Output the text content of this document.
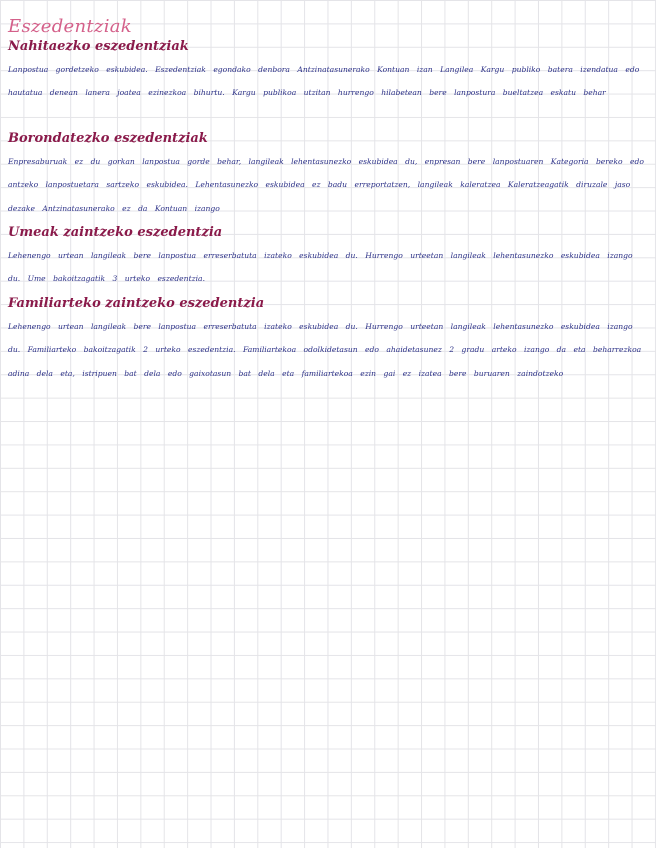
Eszedentziak
Nahitaezko eszedentziak

Lanpostua gordetzeko eskubidea. Eszedentziak egondako denbora Antzinatasunerako Kontuan izan Langilea Kargu publiko batera izendatua edo hautatua denean lanera joatea ezinezkoa bihurtu. Kargu publikoa utzitan hurrengo hilabetean bere lanpostura bueltatzea eskatu behar

Borondatezko eszedentziak

Enpresaburuak ez du gorkan lanpostua gorde behar, langileak lehentasunezko eskubidea du, enpresan bere lanpostuaren Kategoria bereko edo antzeko lanpostuetara sartzeko eskubidea. Lehentasunezko eskubidea ez badu erreportatzen, langileak kaleratzea Kaleratzeagatik diruzale jaso dezake Antzinatasunerako ez da Kontuan izango

Umeak zaintzeko eszedentzia

Lehenengo urtean langileak bere lanpostua erreserbatuta izateko eskubidea du. Hurrengo urteetan langileak lehentasunezko eskubidea izango du. Ume bakoitzagatik 3 urteko eszedentzia.

Familiarteko zaintzeko eszedentzia

Lehenengo urtean langileak bere lanpostua erreserbatuta izateko eskubidea du. Hurrengo urteetan langileak lehentasunezko eskubidea izango du. Familiarteko bakoitzagatik 2 urteko eszedentzia. Familiartekoa odolkidetasun edo ahaidetasunez 2 gradu arteko izango da eta beharrezkoa adina dela eta, istripuen bat dela edo gaixotasun bat dela eta familiartekoa ezin gai ez izatea bere buruaren zaindotzeko
